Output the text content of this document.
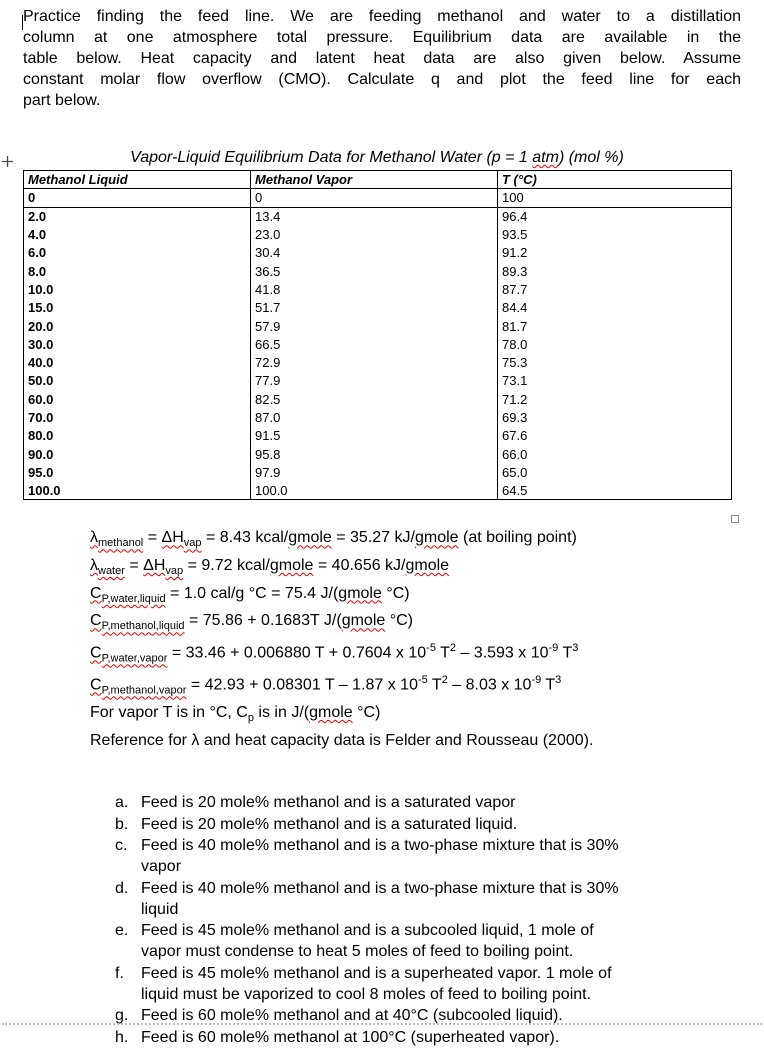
Practice finding the feed line. We are feeding methanol and water to a distillation
column at one atmosphere total pressure. Equilibrium data are available in the
table below. Heat capacity and latent heat data are also given below. Assume
constant molar flow overflow (CMO). Calculate q and plot the feed line for each
part below.
Vapor-Liquid Equilibrium Data for Methanol Water (p = 1 atm) (mol %)
Methanol Liquid	Methanol Vapor	T (°C)
0	0	100
2.0	13.4	96.4
4.0	23.0	93.5
6.0	30.4	91.2
8.0	36.5	89.3
10.0	41.8	87.7
15.0	51.7	84.4
20.0	57.9	81.7
30.0	66.5	78.0
40.0	72.9	75.3
50.0	77.9	73.1
60.0	82.5	71.2
70.0	87.0	69.3
80.0	91.5	67.6
90.0	95.8	66.0
95.0	97.9	65.0
100.0	100.0	64.5
$\lambda_{methanol} = \Delta H_{vap} = 8.43$ kcal/gmole = 35.27 kJ/gmole (at boiling point)
$\lambda_{water} = \Delta H_{vap} = 9.72$ kcal/gmole = 40.656 kJ/gmole
$C_{P,water,liquid} = 1.0$ cal/g °C = 75.4 J/(gmole °C)
$C_{P,methanol,liquid} = 75.86 + 0.1683T$ J/(gmole °C)
$C_{P,water,vapor} = 33.46 + 0.006880$ T + 0.7604 x $10^{-5}$ $T^2 - 3.593$ x $10^{-9}$ $T^3$
$C_{P,methanol,vapor} = 42.93 + 0.08301$ T – 1.87 x $10^{-5}$ $T^2 - 8.03$ x $10^{-9}$ $T^3$
For vapor T is in °C, $C_p$ is in J/(gmole °C)
Reference for λ and heat capacity data is Felder and Rousseau (2000).
a. Feed is 20 mole% methanol and is a saturated vapor
b. Feed is 20 mole% methanol and is a saturated liquid.
c. Feed is 40 mole% methanol and is a two-phase mixture that is 30%
vapor
d. Feed is 40 mole% methanol and is a two-phase mixture that is 30%
liquid
e. Feed is 45 mole% methanol and is a subcooled liquid, 1 mole of
vapor must condense to heat 5 moles of feed to boiling point.
f.	Feed is 45 mole% methanol and is a superheated vapor. 1 mole of
liquid must be vaporized to cool 8 moles of feed to boiling point.
g. Feed is 60 mole% methanol and at 40°C (subcooled liquid).
h. Feed is 60 mole% methanol at 100°C (superheated vapor).
